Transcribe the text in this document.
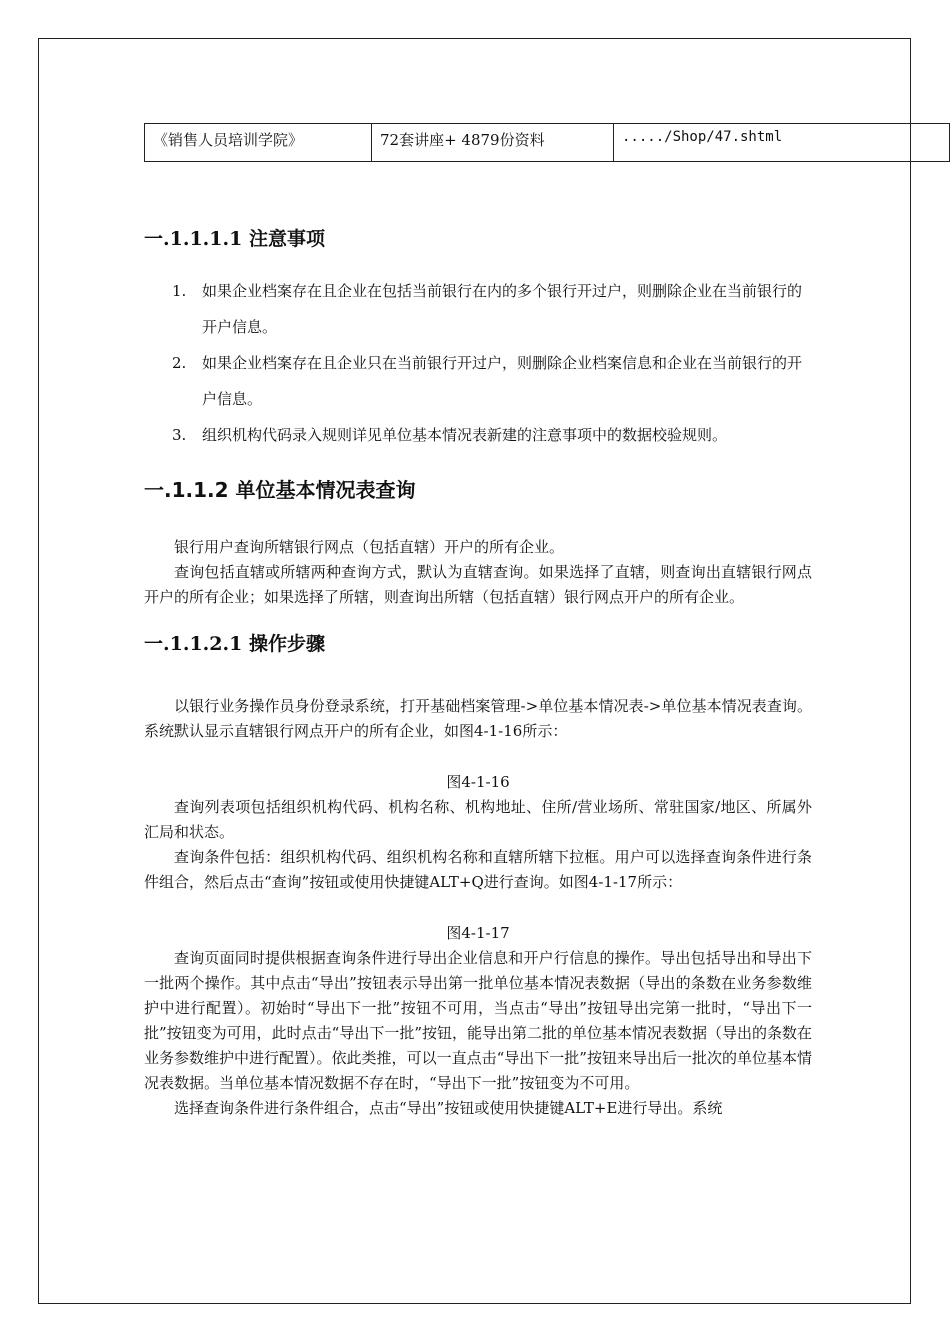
《销售人员培训学院》	72套讲座+ 4879份资料	...../Shop/47.shtml
一.1.1.1.1 注意事项
1. 如果企业档案存在且企业在包括当前银行在内的多个银行开过户，则删除企业在当前银行的开户信息。
2. 如果企业档案存在且企业只在当前银行开过户，则删除企业档案信息和企业在当前银行的开户信息。
3. 组织机构代码录入规则详见单位基本情况表新建的注意事项中的数据校验规则。
一.1.1.2 单位基本情况表查询

银行用户查询所辖银行网点（包括直辖）开户的所有企业。

查询包括直辖或所辖两种查询方式，默认为直辖查询。如果选择了直辖，则查询出直辖银行网点开户的所有企业；如果选择了所辖，则查询出所辖（包括直辖）银行网点开户的所有企业。

一.1.1.2.1 操作步骤

以银行业务操作员身份登录系统，打开基础档案管理->单位基本情况表->单位基本情况表查询。系统默认显示直辖银行网点开户的所有企业，如图4-1-16所示：

图4-1-16

查询列表项包括组织机构代码、机构名称、机构地址、住所/营业场所、常驻国家/地区、所属外汇局和状态。

查询条件包括：组织机构代码、组织机构名称和直辖所辖下拉框。用户可以选择查询条件进行条件组合，然后点击“查询”按钮或使用快捷键ALT+Q进行查询。如图4-1-17所示：

图4-1-17

查询页面同时提供根据查询条件进行导出企业信息和开户行信息的操作。导出包括导出和导出下一批两个操作。其中点击“导出”按钮表示导出第一批单位基本情况表数据（导出的条数在业务参数维护中进行配置）。初始时“导出下一批”按钮不可用，当点击“导出”按钮导出完第一批时，“导出下一批”按钮变为可用，此时点击“导出下一批”按钮，能导出第二批的单位基本情况表数据（导出的条数在业务参数维护中进行配置）。依此类推，可以一直点击“导出下一批”按钮来导出后一批次的单位基本情况表数据。当单位基本情况数据不存在时，“导出下一批”按钮变为不可用。

选择查询条件进行条件组合，点击“导出”按钮或使用快捷键ALT+E进行导出。系统
